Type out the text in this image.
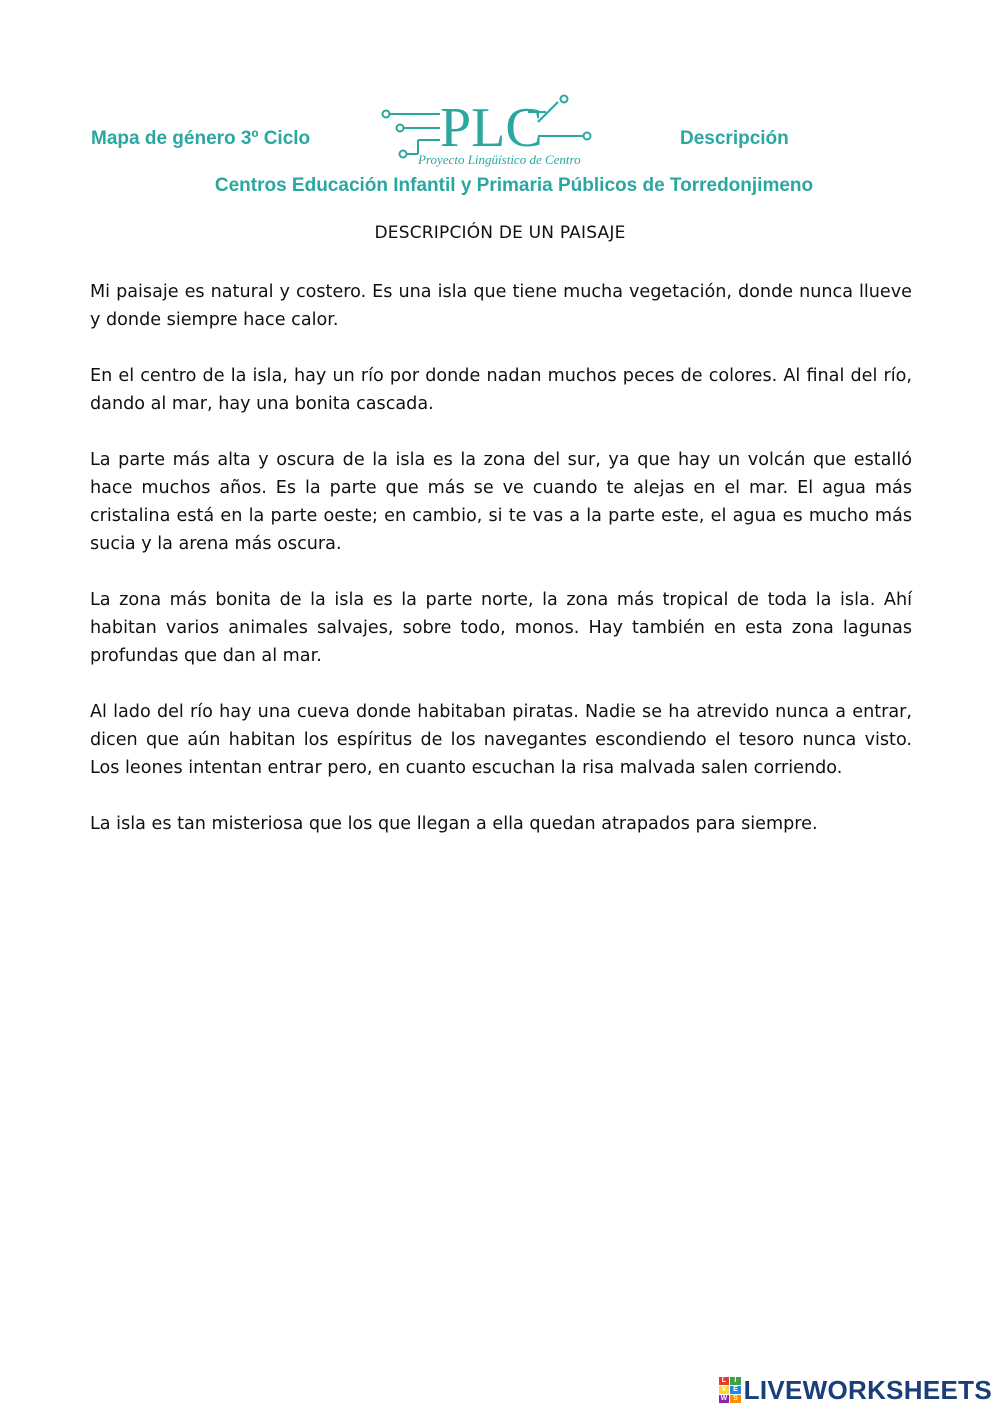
Mapa de género 3º Ciclo PLC
Proyecto Lingüístico de Centro
Descripción
Centros Educación Infantil y Primaria Públicos de Torredonjimeno
DESCRIPCIÓN DE UN PAISAJE

Mi paisaje es natural y costero. Es una isla que tiene mucha vegetación, donde nunca llueve y donde siempre hace calor.

En el centro de la isla, hay un río por donde nadan muchos peces de colores. Al final del río, dando al mar, hay una bonita cascada.

La parte más alta y oscura de la isla es la zona del sur, ya que hay un volcán que estalló hace muchos años. Es la parte que más se ve cuando te alejas en el mar. El agua más cristalina está en la parte oeste; en cambio, si te vas a la parte este, el agua es mucho más sucia y la arena más oscura.

La zona más bonita de la isla es la parte norte, la zona más tropical de toda la isla. Ahí habitan varios animales salvajes, sobre todo, monos. Hay también en esta zona lagunas profundas que dan al mar.

Al lado del río hay una cueva donde habitaban piratas. Nadie se ha atrevido nunca a entrar, dicen que aún habitan los espíritus de los navegantes escondiendo el tesoro nunca visto. Los leones intentan entrar pero, en cuanto escuchan la risa malvada salen corriendo.

La isla es tan misteriosa que los que llegan a ella quedan atrapados para siempre.

L	I
V E
W S LIVEWORKSHEETS
